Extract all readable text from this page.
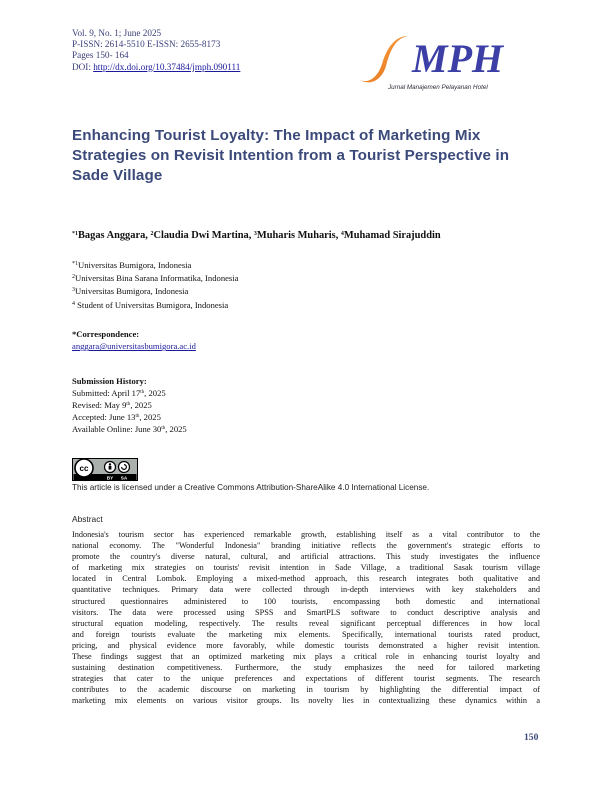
Vol. 9, No. 1; June 2025
P-ISSN: 2614-5510 E-ISSN: 2655-8173
Pages 150- 164
DOI: http://dx.doi.org/10.37484/jmph.090111	MPH
Jurnal Manajemen Pelayanan Hotel
Enhancing Tourist Loyalty: The Impact of Marketing Mix Strategies on Revisit Intention from a Tourist Perspective in Sade Village
$^{*1}$Bagas Anggara, $^2$Claudia Dwi Martina, $^3$Muharis Muharis, $^4$Muhamad Sirajuddin
$^{*1}$Universitas Bumigora, Indonesia
$^2$Universitas Bina Sarana Informatika, Indonesia
$^3$Universitas Bumigora, Indonesia
$^4$ Student of Universitas Bumigora, Indonesia
*Correspondence:
anggara@universitasbumigora.ac.id
Submission History:
Submitted: April 17th, 2025
Revised: May 9th, 2025
Accepted: June 13th, 2025
Available Online: June 30th, 2025
cc
BY SA
This article is licensed under a Creative Commons Attribution-ShareAlike 4.0 International License.
Abstract
Indonesia's tourism sector has experienced remarkable growth, establishing itself as a vital contributor to the
national economy. The "Wonderful Indonesia" branding initiative reflects the government's strategic efforts to
promote the country's diverse natural, cultural, and artificial attractions. This study investigates the influence
of marketing mix strategies on tourists' revisit intention in Sade Village, a traditional Sasak tourism village
located in Central Lombok. Employing a mixed-method approach, this research integrates both qualitative and
quantitative techniques. Primary data were collected through in-depth interviews with key stakeholders and
structured questionnaires administered to 100 tourists, encompassing both domestic and international
visitors. The data were processed using SPSS and SmartPLS software to conduct descriptive analysis and
structural equation modeling, respectively. The results reveal significant perceptual differences in how local
and foreign tourists evaluate the marketing mix elements. Specifically, international tourists rated product,
pricing, and physical evidence more favorably, while domestic tourists demonstrated a higher revisit intention.
These findings suggest that an optimized marketing mix plays a critical role in enhancing tourist loyalty and
sustaining destination competitiveness. Furthermore, the study emphasizes the need for tailored marketing
strategies that cater to the unique preferences and expectations of different tourist segments. The research
contributes to the academic discourse on marketing in tourism by highlighting the differential impact of
marketing mix elements on various visitor groups. Its novelty lies in contextualizing these dynamics within a
150
